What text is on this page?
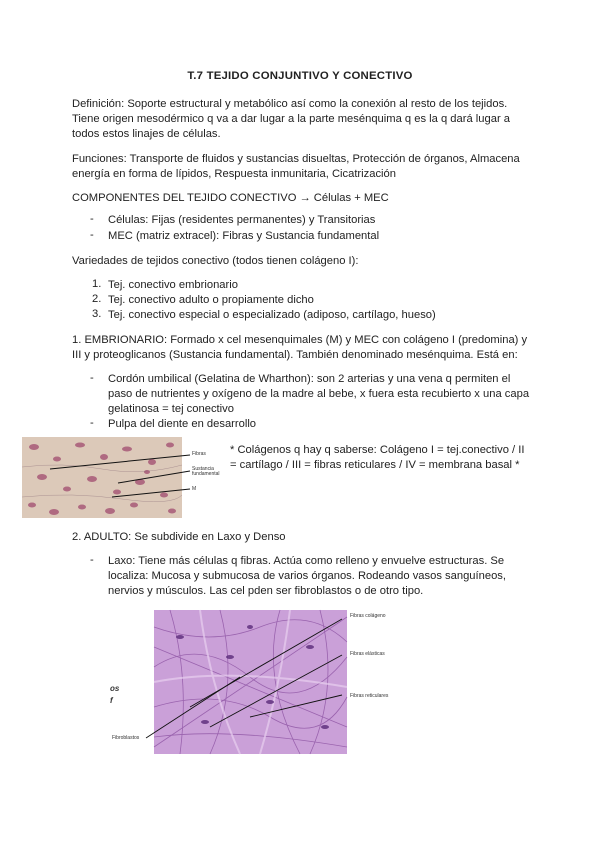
T.7 TEJIDO CONJUNTIVO Y CONECTIVO
Definición: Soporte estructural y metabólico así como la conexión al resto de los tejidos.
Tiene origen mesodérmico q va a dar lugar a la parte mesénquima q es la q dará lugar a
todos estos linajes de células.
Funciones: Transporte de fluidos y sustancias disueltas, Protección de órganos, Almacena
energía en forma de lípidos, Respuesta inmunitaria, Cicatrización
COMPONENTES DEL TEJIDO CONECTIVO → Células + MEC
- Células: Fijas (residentes permanentes) y Transitorias
- MEC (matriz extracel): Fibras y Sustancia fundamental
Variedades de tejidos conectivo (todos tienen colágeno I):
1. Tej. conectivo embrionario
2. Tej. conectivo adulto o propiamente dicho
3. Tej. conectivo especial o especializado (adiposo, cartílago, hueso)
1. EMBRIONARIO: Formado x cel mesenquimales (M) y MEC con colágeno I (predomina) y
III y proteoglicanos (Sustancia fundamental). También denominado mesénquima. Está en:
- Cordón umbilical (Gelatina de Wharthon): son 2 arterias y una vena q permiten el
paso de nutrientes y oxígeno de la madre al bebe, x fuera esta recubierto x una capa
gelatinosa = tej conectivo
- Pulpa del diente en desarrollo
Fibras
Sustancia fundamental
M
* Colágenos q hay q saberse: Colágeno I = tej.conectivo / II
= cartílago / III = fibras reticulares / IV = membrana basal *
2. ADULTO: Se subdivide en Laxo y Denso
- Laxo: Tiene más células q fibras. Actúa como relleno y envuelve estructuras. Se
localiza: Mucosa y submucosa de varios órganos. Rodeando vasos sanguíneos,
nervios y músculos. Las cel pden ser fibroblastos o de otro tipo.
os
f
Fibras colágeno
Fibras elásticas
Fibras reticulares
Fibroblastos
